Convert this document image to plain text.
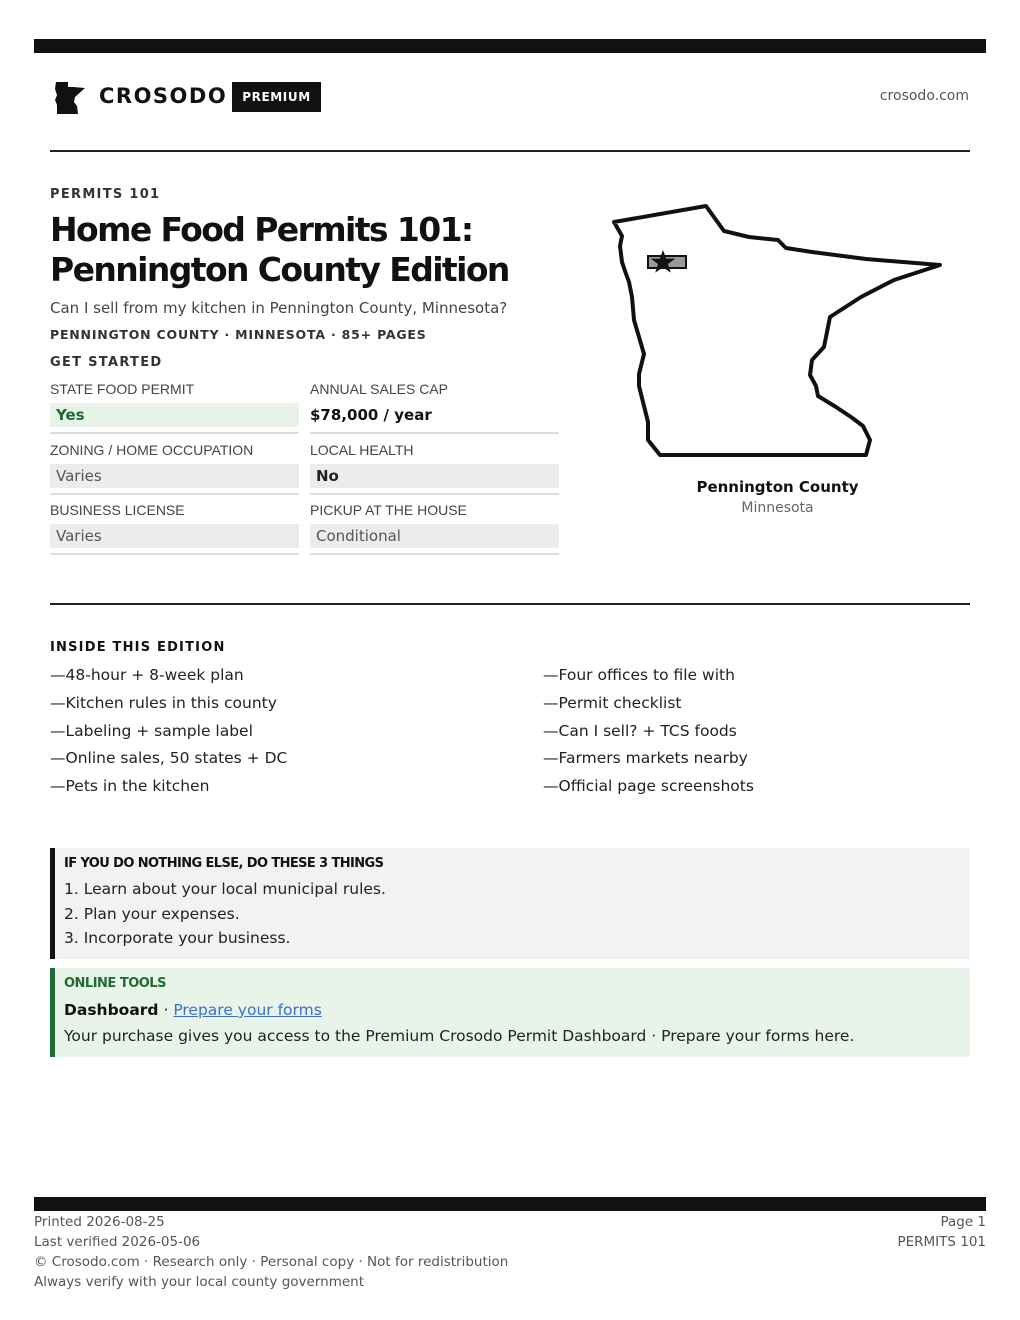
CROSODO	PREMIUM	crosodo.com
PERMITS 101
Home Food Permits 101:
Pennington County Edition
Can I sell from my kitchen in Pennington County, Minnesota?
PENNINGTON COUNTY · MINNESOTA · 85+ PAGES
GET STARTED
STATE FOOD PERMIT
Yes
ANNUAL SALES CAP
$78,000 / year
ZONING / HOME OCCUPATION
Varies
LOCAL HEALTH
No
BUSINESS LICENSE
Varies
PICKUP AT THE HOUSE
Conditional
Pennington County
Minnesota
INSIDE THIS EDITION
—48-hour + 8-week plan
—Kitchen rules in this county
—Labeling + sample label
—Online sales, 50 states + DC
—Pets in the kitchen
—Four offices to file with
—Permit checklist
—Can I sell? + TCS foods
—Farmers markets nearby
—Official page screenshots
IF YOU DO NOTHING ELSE, DO THESE 3 THINGS
1. Learn about your local municipal rules.
2. Plan your expenses.
3. Incorporate your business.
ONLINE TOOLS
Dashboard · Prepare your forms
Your purchase gives you access to the Premium Crosodo Permit Dashboard · Prepare your forms here.
Printed 2026-08-25
Last verified 2026-05-06
© Crosodo.com · Research only · Personal copy · Not for redistribution
Always verify with your local county government
Page 1
PERMITS 101
